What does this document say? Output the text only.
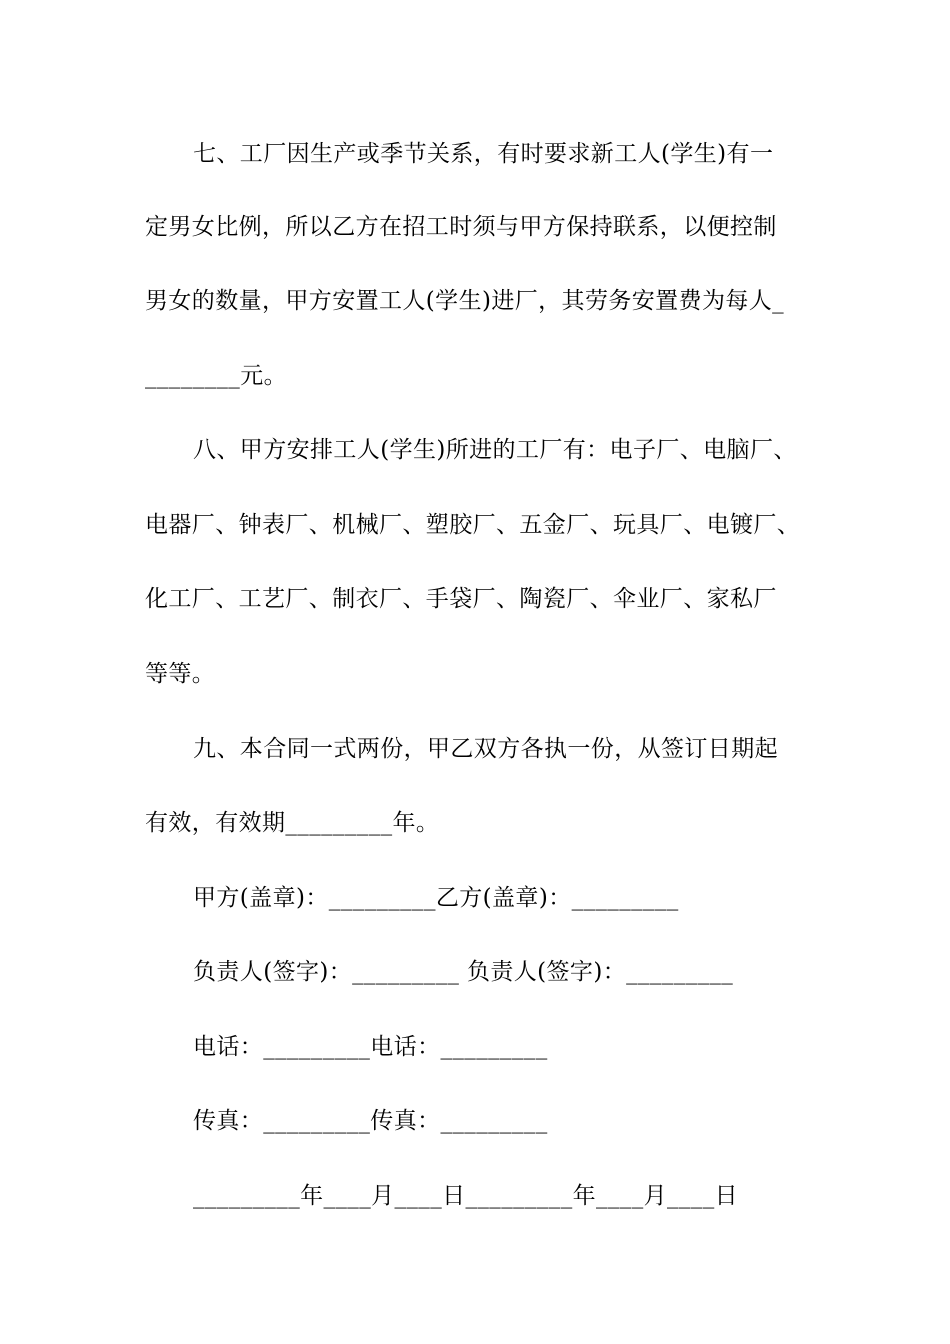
七、工厂因生产或季节关系，有时要求新工人(学生)有一
定男女比例，所以乙方在招工时须与甲方保持联系，以便控制
男女的数量，甲方安置工人(学生)进厂，其劳务安置费为每人_
________元。
八、甲方安排工人(学生)所进的工厂有：电子厂、电脑厂、
电器厂、钟表厂、机械厂、塑胶厂、五金厂、玩具厂、电镀厂、
化工厂、工艺厂、制衣厂、手袋厂、陶瓷厂、伞业厂、家私厂
等等。
九、本合同一式两份，甲乙双方各执一份，从签订日期起
有效，有效期_________年。
甲方(盖章)：_________乙方(盖章)：_________
负责人(签字)：_________ 负责人(签字)：_________
电话：_________电话：_________
传真：_________传真：_________
_________年____月____日_________年____月____日
